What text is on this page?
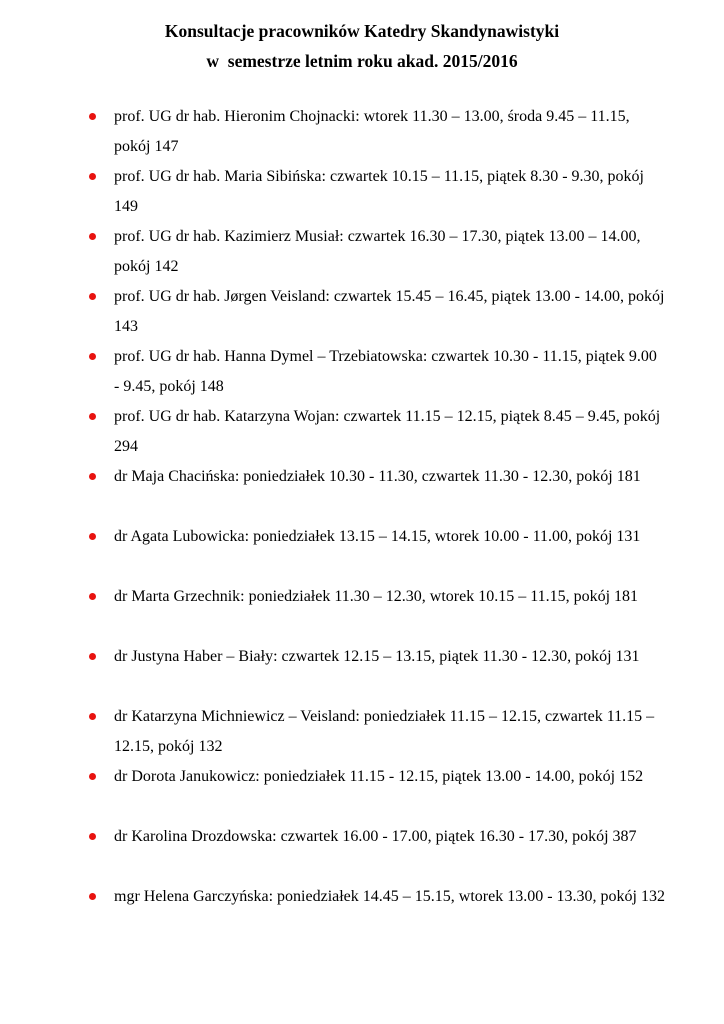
Konsultacje pracowników Katedry Skandynawistyki
w  semestrze letnim roku akad. 2015/2016
prof. UG dr hab. Hieronim Chojnacki: wtorek 11.30 – 13.00, środa 9.45 – 11.15, pokój 147
prof. UG dr hab. Maria Sibińska: czwartek 10.15 – 11.15, piątek 8.30 - 9.30, pokój 149
prof. UG dr hab. Kazimierz Musiał: czwartek 16.30 – 17.30, piątek 13.00 – 14.00, pokój 142
prof. UG dr hab. Jørgen Veisland: czwartek 15.45 – 16.45, piątek 13.00 - 14.00, pokój 143
prof. UG dr hab. Hanna Dymel – Trzebiatowska: czwartek 10.30 - 11.15, piątek 9.00 - 9.45, pokój 148
prof. UG dr hab. Katarzyna Wojan: czwartek 11.15 – 12.15, piątek 8.45 – 9.45, pokój 294
dr Maja Chacińska: poniedziałek 10.30 - 11.30, czwartek 11.30 - 12.30, pokój 181
dr Agata Lubowicka: poniedziałek 13.15 – 14.15, wtorek 10.00 - 11.00, pokój 131
dr Marta Grzechnik: poniedziałek 11.30 – 12.30, wtorek 10.15 – 11.15, pokój 181
dr Justyna Haber – Biały: czwartek 12.15 – 13.15, piątek 11.30 - 12.30, pokój 131
dr Katarzyna Michniewicz – Veisland: poniedziałek 11.15 – 12.15, czwartek 11.15 – 12.15, pokój 132
dr Dorota Janukowicz: poniedziałek 11.15 - 12.15, piątek 13.00 - 14.00, pokój 152
dr Karolina Drozdowska: czwartek 16.00 - 17.00, piątek 16.30 - 17.30, pokój 387
mgr Helena Garczyńska: poniedziałek 14.45 – 15.15, wtorek 13.00 - 13.30, pokój 132
